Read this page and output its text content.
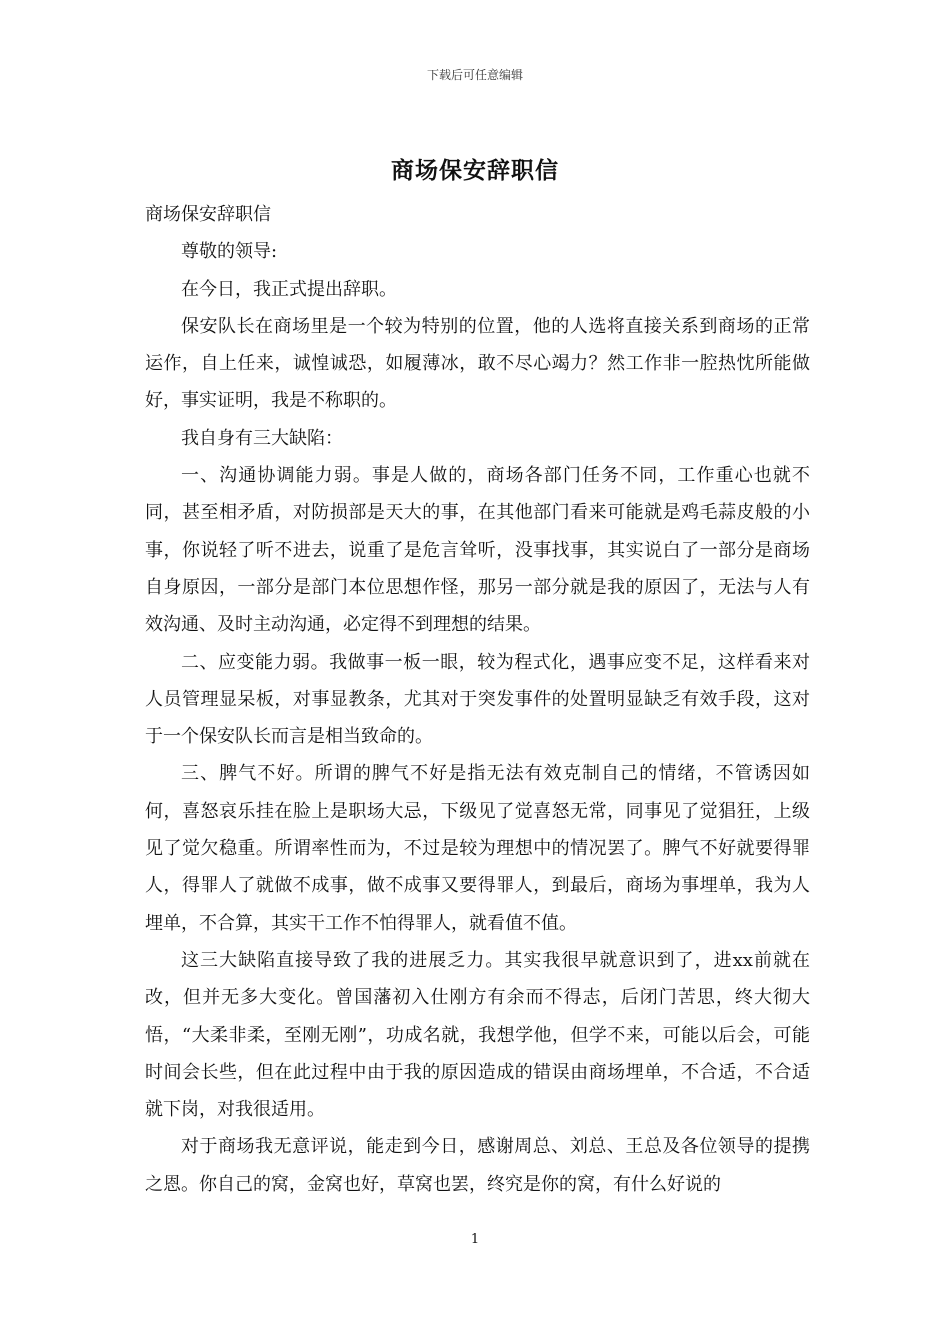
下载后可任意编辑
商场保安辞职信

商场保安辞职信

尊敬的领导:

在今日，我正式提出辞职。

保安队长在商场里是一个较为特别的位置，他的人选将直接关系到商场的正常运作，自上任来，诚惶诚恐，如履薄冰，敢不尽心竭力？然工作非一腔热忱所能做好，事实证明，我是不称职的。

我自身有三大缺陷：

一、沟通协调能力弱。事是人做的，商场各部门任务不同，工作重心也就不同，甚至相矛盾，对防损部是天大的事，在其他部门看来可能就是鸡毛蒜皮般的小事，你说轻了听不进去，说重了是危言耸听，没事找事，其实说白了一部分是商场自身原因，一部分是部门本位思想作怪，那另一部分就是我的原因了，无法与人有效沟通、及时主动沟通，必定得不到理想的结果。

二、应变能力弱。我做事一板一眼，较为程式化，遇事应变不足，这样看来对人员管理显呆板，对事显教条，尤其对于突发事件的处置明显缺乏有效手段，这对于一个保安队长而言是相当致命的。

三、脾气不好。所谓的脾气不好是指无法有效克制自己的情绪，不管诱因如何，喜怒哀乐挂在脸上是职场大忌，下级见了觉喜怒无常，同事见了觉猖狂，上级见了觉欠稳重。所谓率性而为，不过是较为理想中的情况罢了。脾气不好就要得罪人，得罪人了就做不成事，做不成事又要得罪人，到最后，商场为事埋单，我为人埋单，不合算，其实干工作不怕得罪人，就看值不值。

这三大缺陷直接导致了我的进展乏力。其实我很早就意识到了，进xx前就在改，但并无多大变化。曾国藩初入仕刚方有余而不得志，后闭门苦思，终大彻大悟，“大柔非柔，至刚无刚”，功成名就，我想学他，但学不来，可能以后会，可能时间会长些，但在此过程中由于我的原因造成的错误由商场埋单，不合适，不合适就下岗，对我很适用。

对于商场我无意评说，能走到今日，感谢周总、刘总、王总及各位领导的提携之恩。你自己的窝，金窝也好，草窝也罢，终究是你的窝，有什么好说的

1
